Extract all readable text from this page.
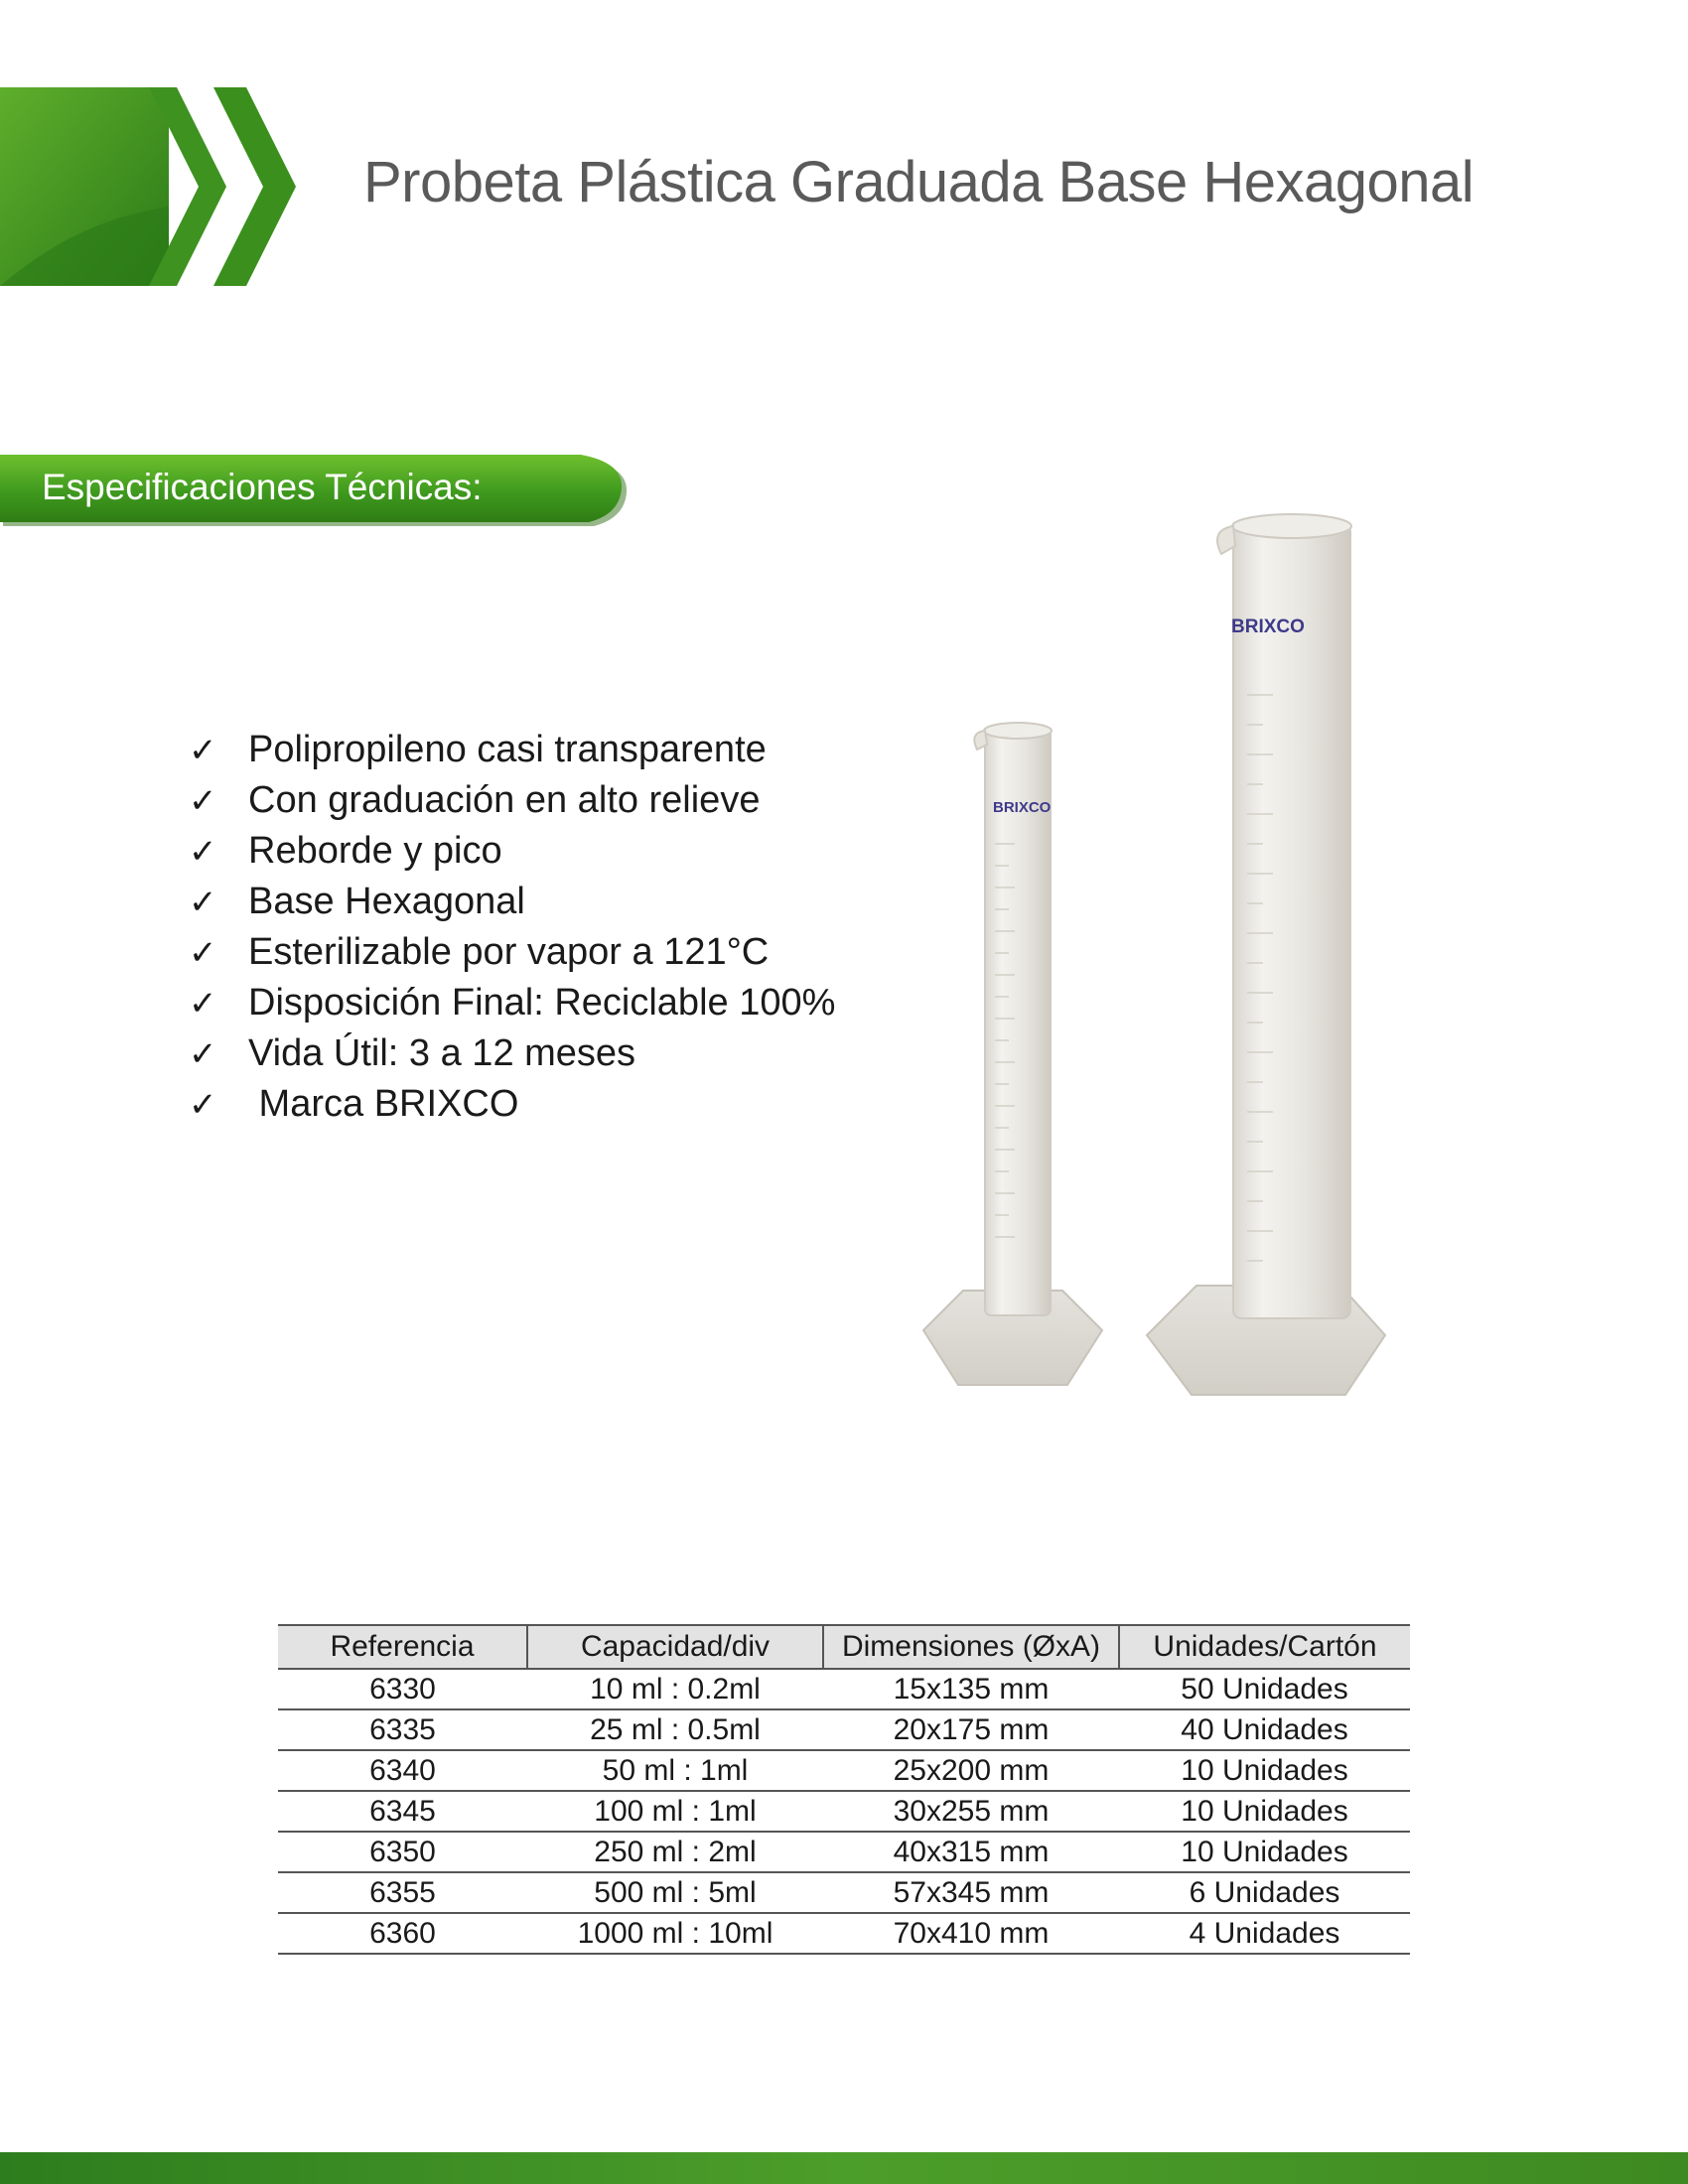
Probeta Plástica Graduada Base Hexagonal
Especificaciones Técnicas:
✓ Polipropileno casi transparente
✓ Con graduación en alto relieve
✓ Reborde y pico
✓ Base Hexagonal
✓ Esterilizable por vapor a 121°C
✓ Disposición Final: Reciclable 100%
✓ Vida Útil: 3 a 12 meses
✓ Marca BRIXCO
BRIXCO
BRIXCO
Referencia	Capacidad/div	Dimensiones (ØxA)	Unidades/Cartón
6330	10 ml : 0.2ml	15x135 mm	50 Unidades
6335	25 ml : 0.5ml	20x175 mm	40 Unidades
6340	50 ml : 1ml	25x200 mm	10 Unidades
6345	100 ml : 1ml	30x255 mm	10 Unidades
6350	250 ml : 2ml	40x315 mm	10 Unidades
6355	500 ml : 5ml	57x345 mm	6 Unidades
6360	1000 ml : 10ml	70x410 mm	4 Unidades
